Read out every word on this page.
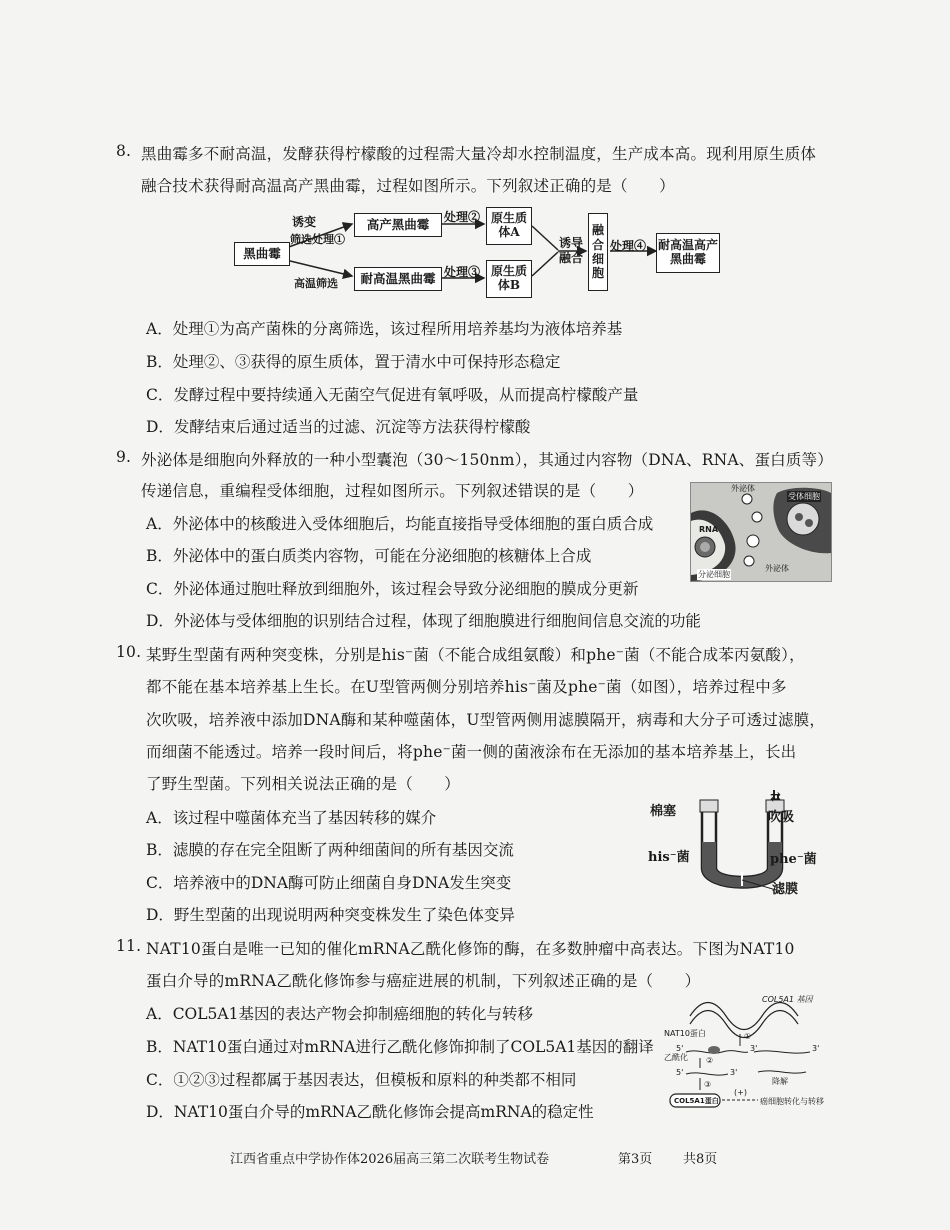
8. 黑曲霉多不耐高温，发酵获得柠檬酸的过程需大量冷却水控制温度，生产成本高。现利用原生质体
融合技术获得耐高温高产黑曲霉，过程如图所示。下列叙述正确的是（　　）
黑曲霉
诱变
筛选处理①
高温筛选
高产黑曲霉
耐高温黑曲霉
处理②
处理③
原生质体A
原生质体B
诱导融合
融合细胞
处理④ 耐高温高产黑曲霉
A．处理①为高产菌株的分离筛选，该过程所用培养基均为液体培养基
B．处理②、③获得的原生质体，置于清水中可保持形态稳定
C．发酵过程中要持续通入无菌空气促进有氧呼吸，从而提高柠檬酸产量
D．发酵结束后通过适当的过滤、沉淀等方法获得柠檬酸
9. 外泌体是细胞向外释放的一种小型囊泡（30～150nm），其通过内容物（DNA、RNA、蛋白质等）
传递信息，重编程受体细胞，过程如图所示。下列叙述错误的是（　　）
A．外泌体中的核酸进入受体细胞后，均能直接指导受体细胞的蛋白质合成
B．外泌体中的蛋白质类内容物，可能在分泌细胞的核糖体上合成
C．外泌体通过胞吐释放到细胞外，该过程会导致分泌细胞的膜成分更新
D．外泌体与受体细胞的识别结合过程，体现了细胞膜进行细胞间信息交流的功能
外泌体
受体细胞
RNA
分泌细胞
外泌体
10. 某野生型菌有两种突变株，分别是his⁻菌（不能合成组氨酸）和phe⁻菌（不能合成苯丙氨酸），
都不能在基本培养基上生长。在U型管两侧分别培养his⁻菌及phe⁻菌（如图），培养过程中多
次吹吸，培养液中添加DNA酶和某种噬菌体，U型管两侧用滤膜隔开，病毒和大分子可透过滤膜，
而细菌不能透过。培养一段时间后，将phe⁻菌一侧的菌液涂布在无添加的基本培养基上，长出
了野生型菌。下列相关说法正确的是（　　）
A．该过程中噬菌体充当了基因转移的媒介
B．滤膜的存在完全阻断了两种细菌间的所有基因交流
C．培养液中的DNA酶可防止细菌自身DNA发生突变
D．野生型菌的出现说明两种突变株发生了染色体变异
棉塞
⇄
吹吸
his⁻菌	phe⁻菌
滤膜
11. NAT10蛋白是唯一已知的催化mRNA乙酰化修饰的酶，在多数肿瘤中高表达。下图为NAT10
蛋白介导的mRNA乙酰化修饰参与癌症进展的机制，下列叙述正确的是（　　）
A．COL5A1基因的表达产物会抑制癌细胞的转化与转移
B．NAT10蛋白通过对mRNA进行乙酰化修饰抑制了COL5A1基因的翻译
C．①②③过程都属于基因表达，但模板和原料的种类都不相同
D．NAT10蛋白介导的mRNA乙酰化修饰会提高mRNA的稳定性
COL5A1 基因
NAT10蛋白	①
乙酰化 ②
5'	3'	3'
5'	3'
降解
③
COL5A1蛋白
(+)
癌细胞转化与转移
江西省重点中学协作体2026届高三第二次联考生物试卷	第3页 共8页
